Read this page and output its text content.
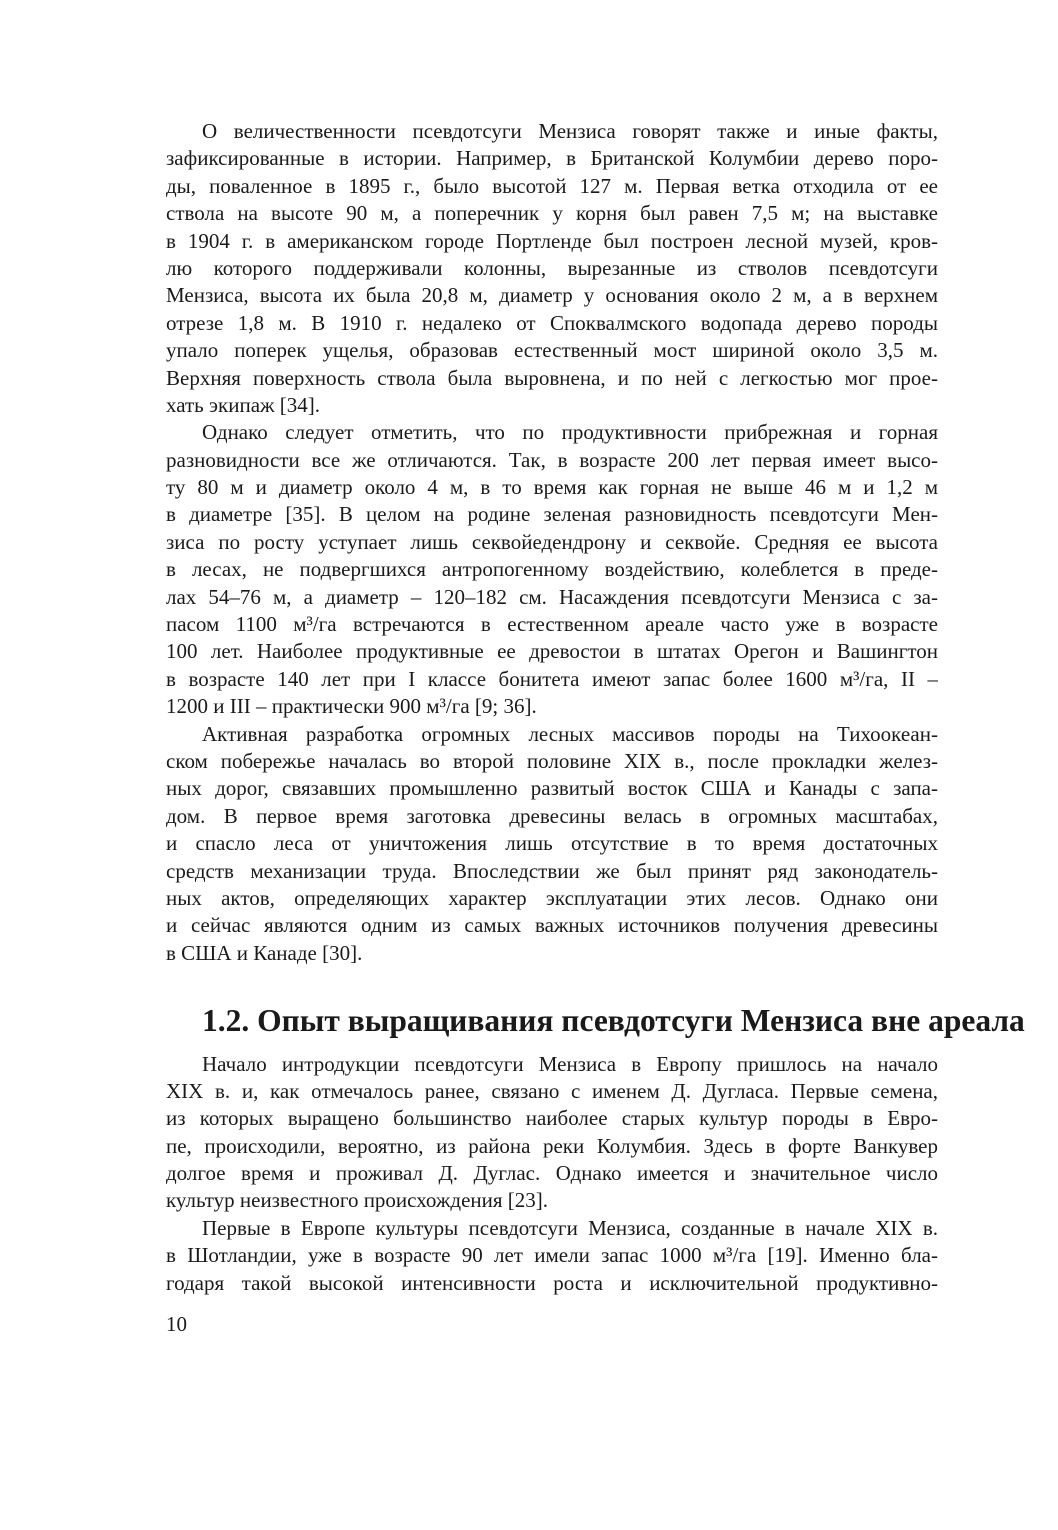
О величественности псевдотсуги Мензиса говорят также и иные факты,
зафиксированные в истории. Например, в Британской Колумбии дерево поро-
ды, поваленное в 1895 г., было высотой 127 м. Первая ветка отходила от ее
ствола на высоте 90 м, а поперечник у корня был равен 7,5 м; на выставке
в 1904 г. в американском городе Портленде был построен лесной музей, кров-
лю которого поддерживали колонны, вырезанные из стволов псевдотсуги
Мензиса, высота их была 20,8 м, диаметр у основания около 2 м, а в верхнем
отрезе 1,8 м. В 1910 г. недалеко от Споквалмского водопада дерево породы
упало поперек ущелья, образовав естественный мост шириной около 3,5 м.
Верхняя поверхность ствола была выровнена, и по ней с легкостью мог прое-
хать экипаж [34].
Однако следует отметить, что по продуктивности прибрежная и горная
разновидности все же отличаются. Так, в возрасте 200 лет первая имеет высо-
ту 80 м и диаметр около 4 м, в то время как горная не выше 46 м и 1,2 м
в диаметре [35]. В целом на родине зеленая разновидность псевдотсуги Мен-
зиса по росту уступает лишь секвойедендрону и секвойе. Средняя ее высота
в лесах, не подвергшихся антропогенному воздействию, колеблется в преде-
лах 54–76 м, а диаметр – 120–182 см. Насаждения псевдотсуги Мензиса с за-
пасом 1100 м³/га встречаются в естественном ареале часто уже в возрасте
100 лет. Наиболее продуктивные ее древостои в штатах Орегон и Вашингтон
в возрасте 140 лет при I классе бонитета имеют запас более 1600 м³/га, II –
1200 и III – практически 900 м³/га [9; 36].
Активная разработка огромных лесных массивов породы на Тихоокеан-
ском побережье началась во второй половине XIX в., после прокладки желез-
ных дорог, связавших промышленно развитый восток США и Канады с запа-
дом. В первое время заготовка древесины велась в огромных масштабах,
и спасло леса от уничтожения лишь отсутствие в то время достаточных
средств механизации труда. Впоследствии же был принят ряд законодатель-
ных актов, определяющих характер эксплуатации этих лесов. Однако они
и сейчас являются одним из самых важных источников получения древесины
в США и Канаде [30].
1.2. Опыт выращивания псевдотсуги Мензиса вне ареала
Начало интродукции псевдотсуги Мензиса в Европу пришлось на начало
XIX в. и, как отмечалось ранее, связано с именем Д. Дугласа. Первые семена,
из которых выращено большинство наиболее старых культур породы в Евро-
пе, происходили, вероятно, из района реки Колумбия. Здесь в форте Ванкувер
долгое время и проживал Д. Дуглас. Однако имеется и значительное число
культур неизвестного происхождения [23].
Первые в Европе культуры псевдотсуги Мензиса, созданные в начале XIX в.
в Шотландии, уже в возрасте 90 лет имели запас 1000 м³/га [19]. Именно бла-
годаря такой высокой интенсивности роста и исключительной продуктивно-
10
